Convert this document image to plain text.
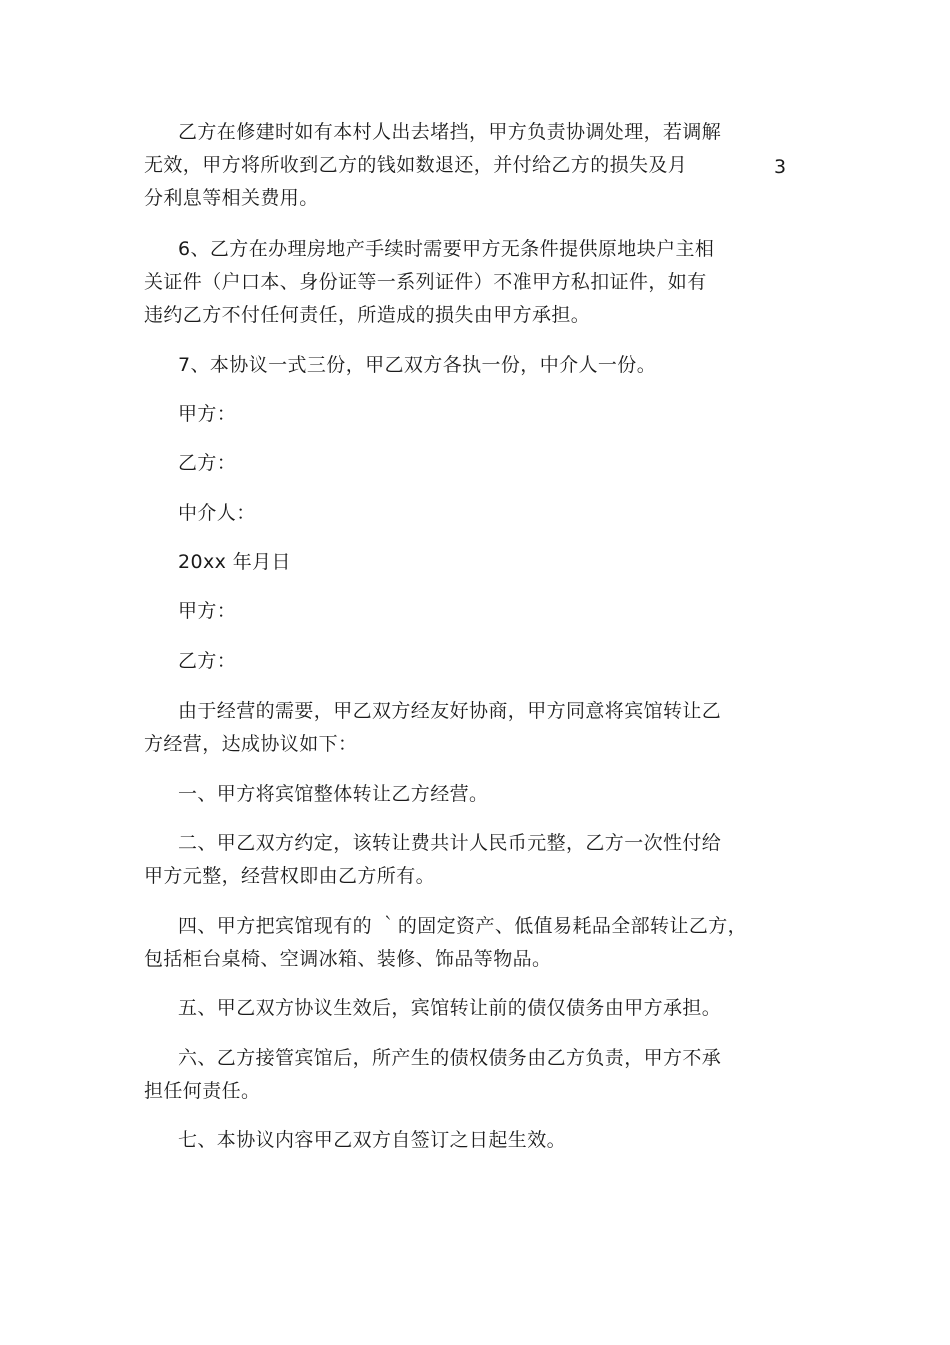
乙方在修建时如有本村人出去堵挡，甲方负责协调处理，若调解
无效，甲方将所收到乙方的钱如数退还，并付给乙方的损失及月	3
分利息等相关费用。
6、乙方在办理房地产手续时需要甲方无条件提供原地块户主相
关证件（户口本、身份证等一系列证件）不准甲方私扣证件，如有
违约乙方不付任何责任，所造成的损失由甲方承担。
7、本协议一式三份，甲乙双方各执一份，中介人一份。
甲方：
乙方：
中介人：
20xx 年月日
甲方：
乙方：
由于经营的需要，甲乙双方经友好协商，甲方同意将宾馆转让乙
方经营，达成协议如下：
一、甲方将宾馆整体转让乙方经营。
二、甲乙双方约定，该转让费共计人民币元整，乙方一次性付给
甲方元整，经营权即由乙方所有。
四、甲方把宾馆现有的 ｀的固定资产、低值易耗品全部转让乙方，
包括柜台桌椅、空调冰箱、装修、饰品等物品。
五、甲乙双方协议生效后，宾馆转让前的债仅债务由甲方承担。
六、乙方接管宾馆后，所产生的债权债务由乙方负责，甲方不承
担任何责任。
七、本协议内容甲乙双方自签订之日起生效。
